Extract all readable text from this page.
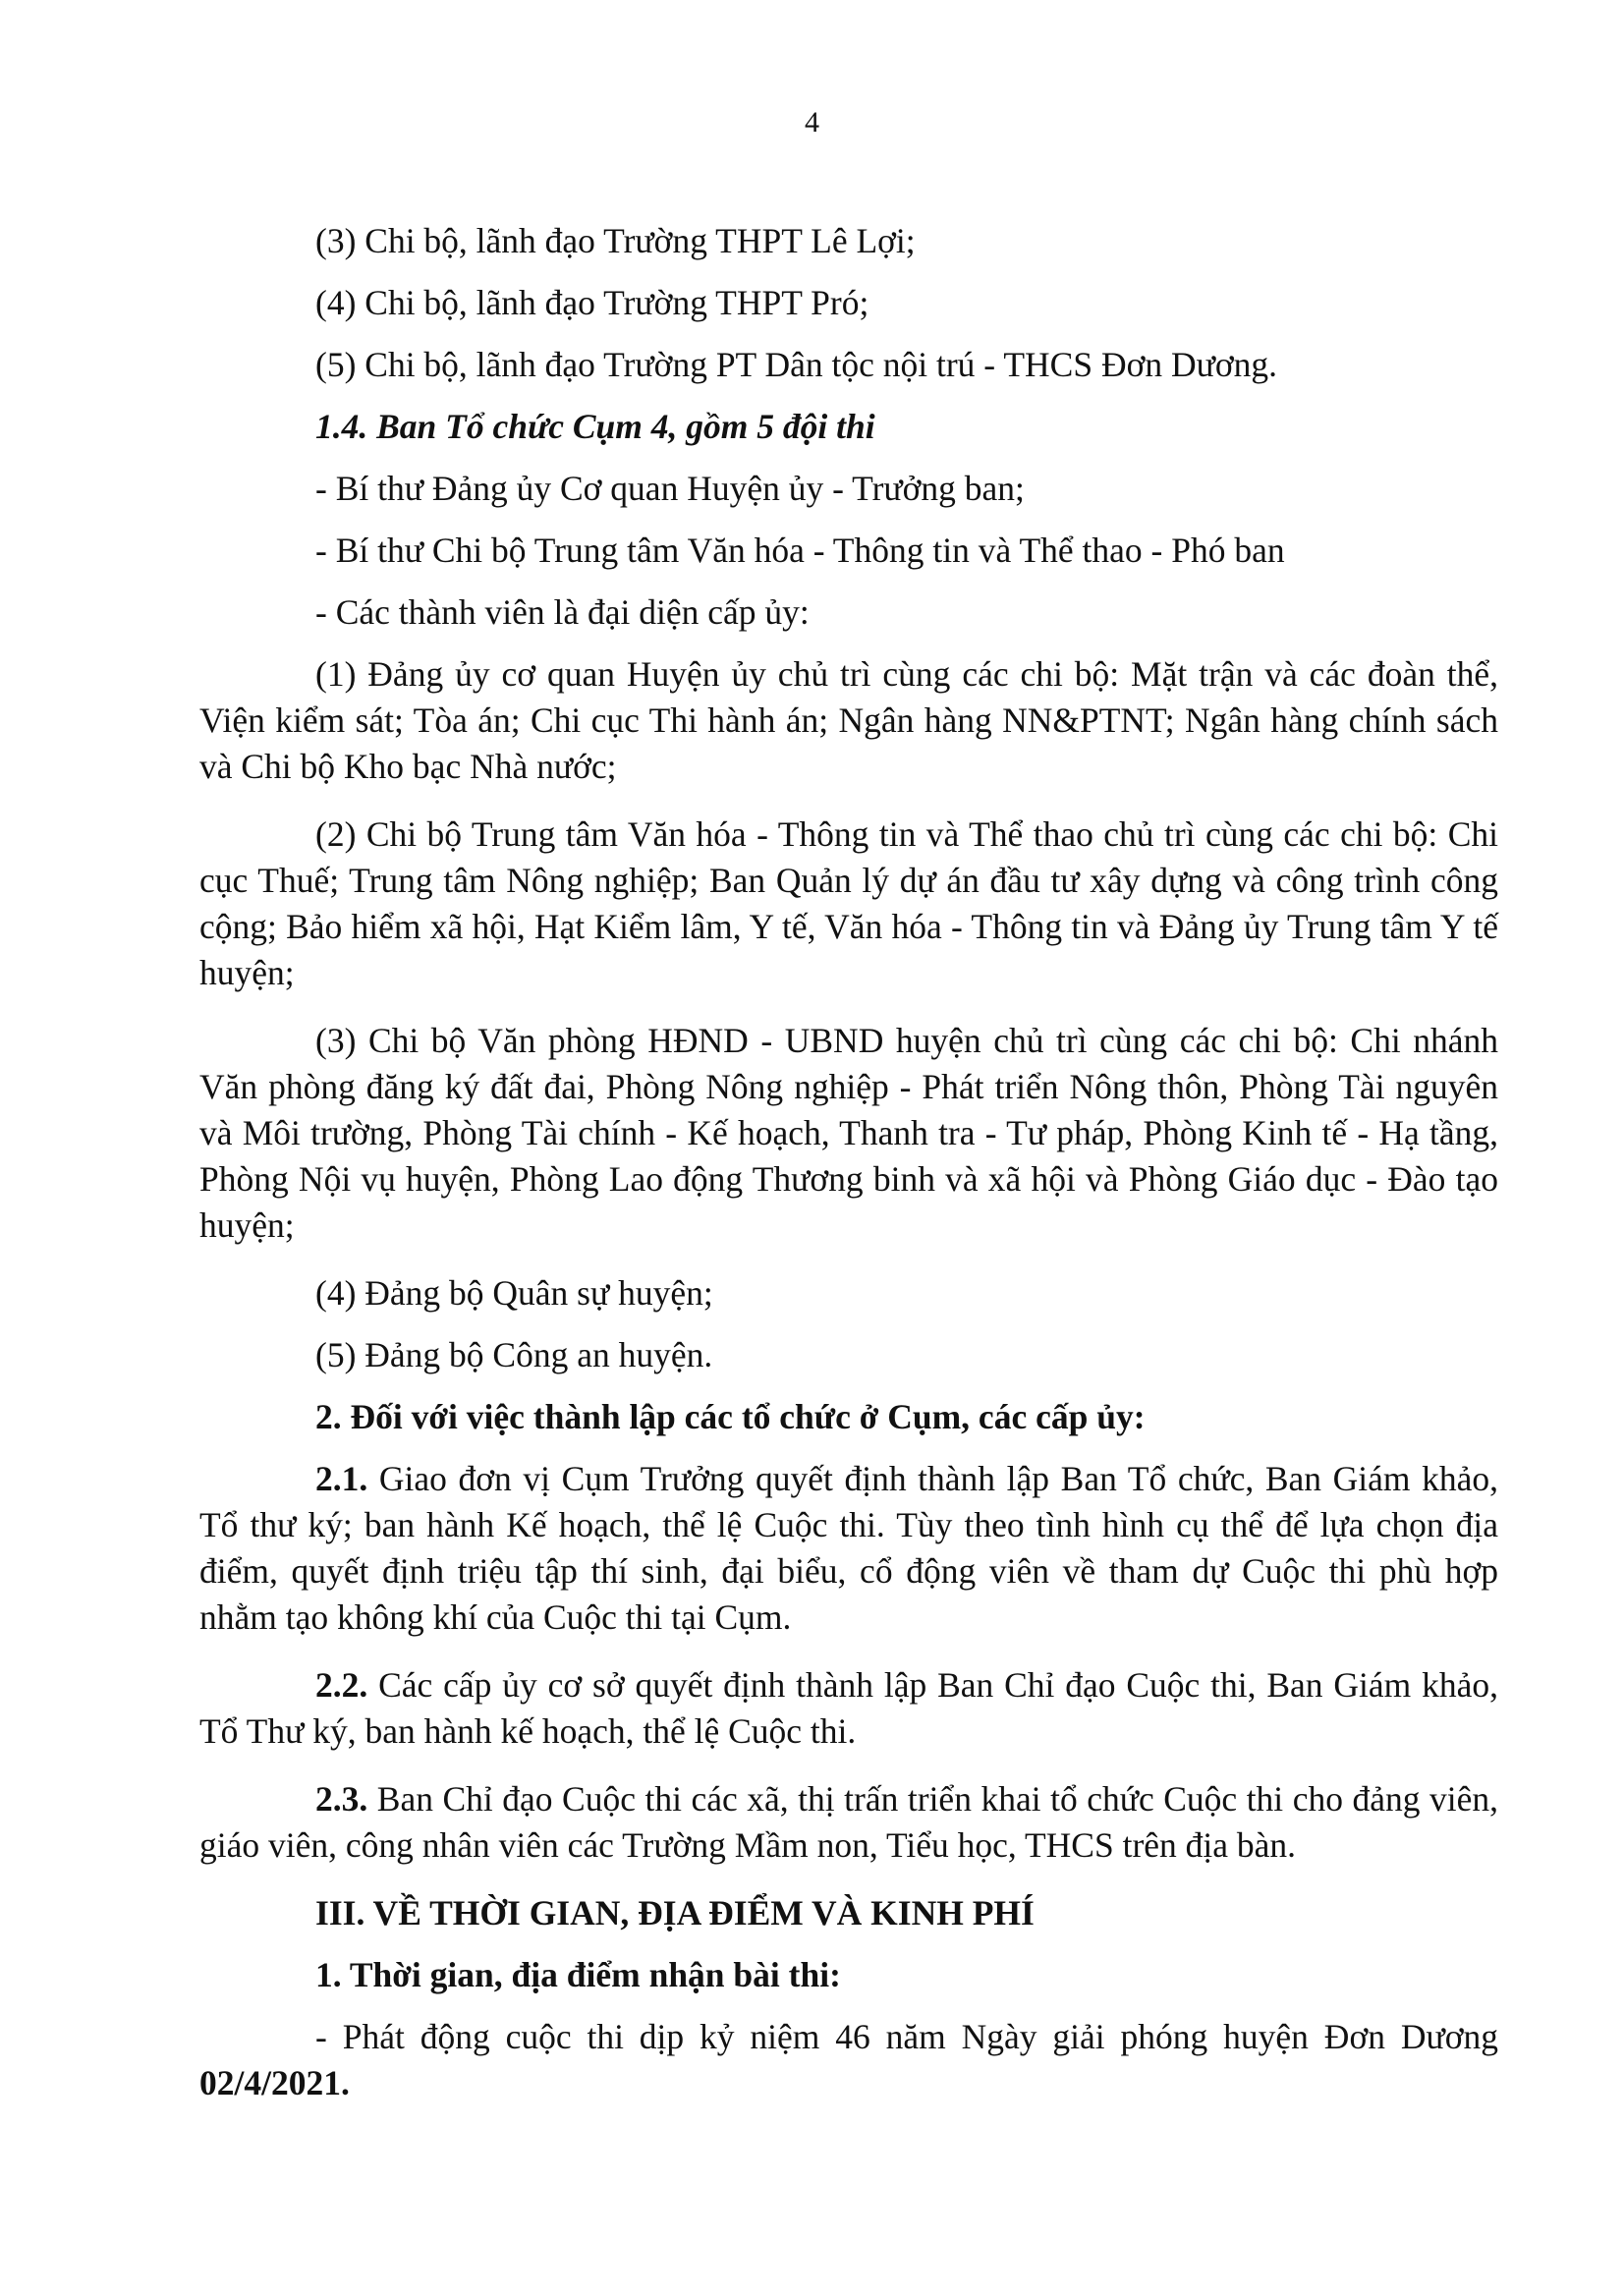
4

(3) Chi bộ, lãnh đạo Trường THPT Lê Lợi;

(4) Chi bộ, lãnh đạo Trường THPT Pró;

(5) Chi bộ, lãnh đạo Trường PT Dân tộc nội trú - THCS Đơn Dương.

1.4. Ban Tổ chức Cụm 4, gồm 5 đội thi

- Bí thư Đảng ủy Cơ quan Huyện ủy - Trưởng ban;

- Bí thư Chi bộ Trung tâm Văn hóa - Thông tin và Thể thao - Phó ban

- Các thành viên là đại diện cấp ủy:

(1) Đảng ủy cơ quan Huyện ủy chủ trì cùng các chi bộ: Mặt trận và các đoàn thể, Viện kiểm sát; Tòa án; Chi cục Thi hành án; Ngân hàng NN&PTNT; Ngân hàng chính sách và Chi bộ Kho bạc Nhà nước;

(2) Chi bộ Trung tâm Văn hóa - Thông tin và Thể thao chủ trì cùng các chi bộ: Chi cục Thuế; Trung tâm Nông nghiệp; Ban Quản lý dự án đầu tư xây dựng và công trình công cộng; Bảo hiểm xã hội, Hạt Kiểm lâm, Y tế, Văn hóa - Thông tin và Đảng ủy Trung tâm Y tế huyện;

(3) Chi bộ Văn phòng HĐND - UBND huyện chủ trì cùng các chi bộ: Chi nhánh Văn phòng đăng ký đất đai, Phòng Nông nghiệp - Phát triển Nông thôn, Phòng Tài nguyên và Môi trường, Phòng Tài chính - Kế hoạch, Thanh tra - Tư pháp, Phòng Kinh tế - Hạ tầng, Phòng Nội vụ huyện, Phòng Lao động Thương binh và xã hội và Phòng Giáo dục - Đào tạo huyện;

(4) Đảng bộ Quân sự huyện;

(5) Đảng bộ Công an huyện.

2. Đối với việc thành lập các tổ chức ở Cụm, các cấp ủy:

2.1. Giao đơn vị Cụm Trưởng quyết định thành lập Ban Tổ chức, Ban Giám khảo, Tổ thư ký; ban hành Kế hoạch, thể lệ Cuộc thi. Tùy theo tình hình cụ thể để lựa chọn địa điểm, quyết định triệu tập thí sinh, đại biểu, cổ động viên về tham dự Cuộc thi phù hợp nhằm tạo không khí của Cuộc thi tại Cụm.

2.2. Các cấp ủy cơ sở quyết định thành lập Ban Chỉ đạo Cuộc thi, Ban Giám khảo, Tổ Thư ký, ban hành kế hoạch, thể lệ Cuộc thi.

2.3. Ban Chỉ đạo Cuộc thi các xã, thị trấn triển khai tổ chức Cuộc thi cho đảng viên, giáo viên, công nhân viên các Trường Mầm non, Tiểu học, THCS trên địa bàn.

III. VỀ THỜI GIAN, ĐỊA ĐIỂM VÀ KINH PHÍ

1. Thời gian, địa điểm nhận bài thi:

- Phát động cuộc thi dịp kỷ niệm 46 năm Ngày giải phóng huyện Đơn Dương 02/4/2021.
